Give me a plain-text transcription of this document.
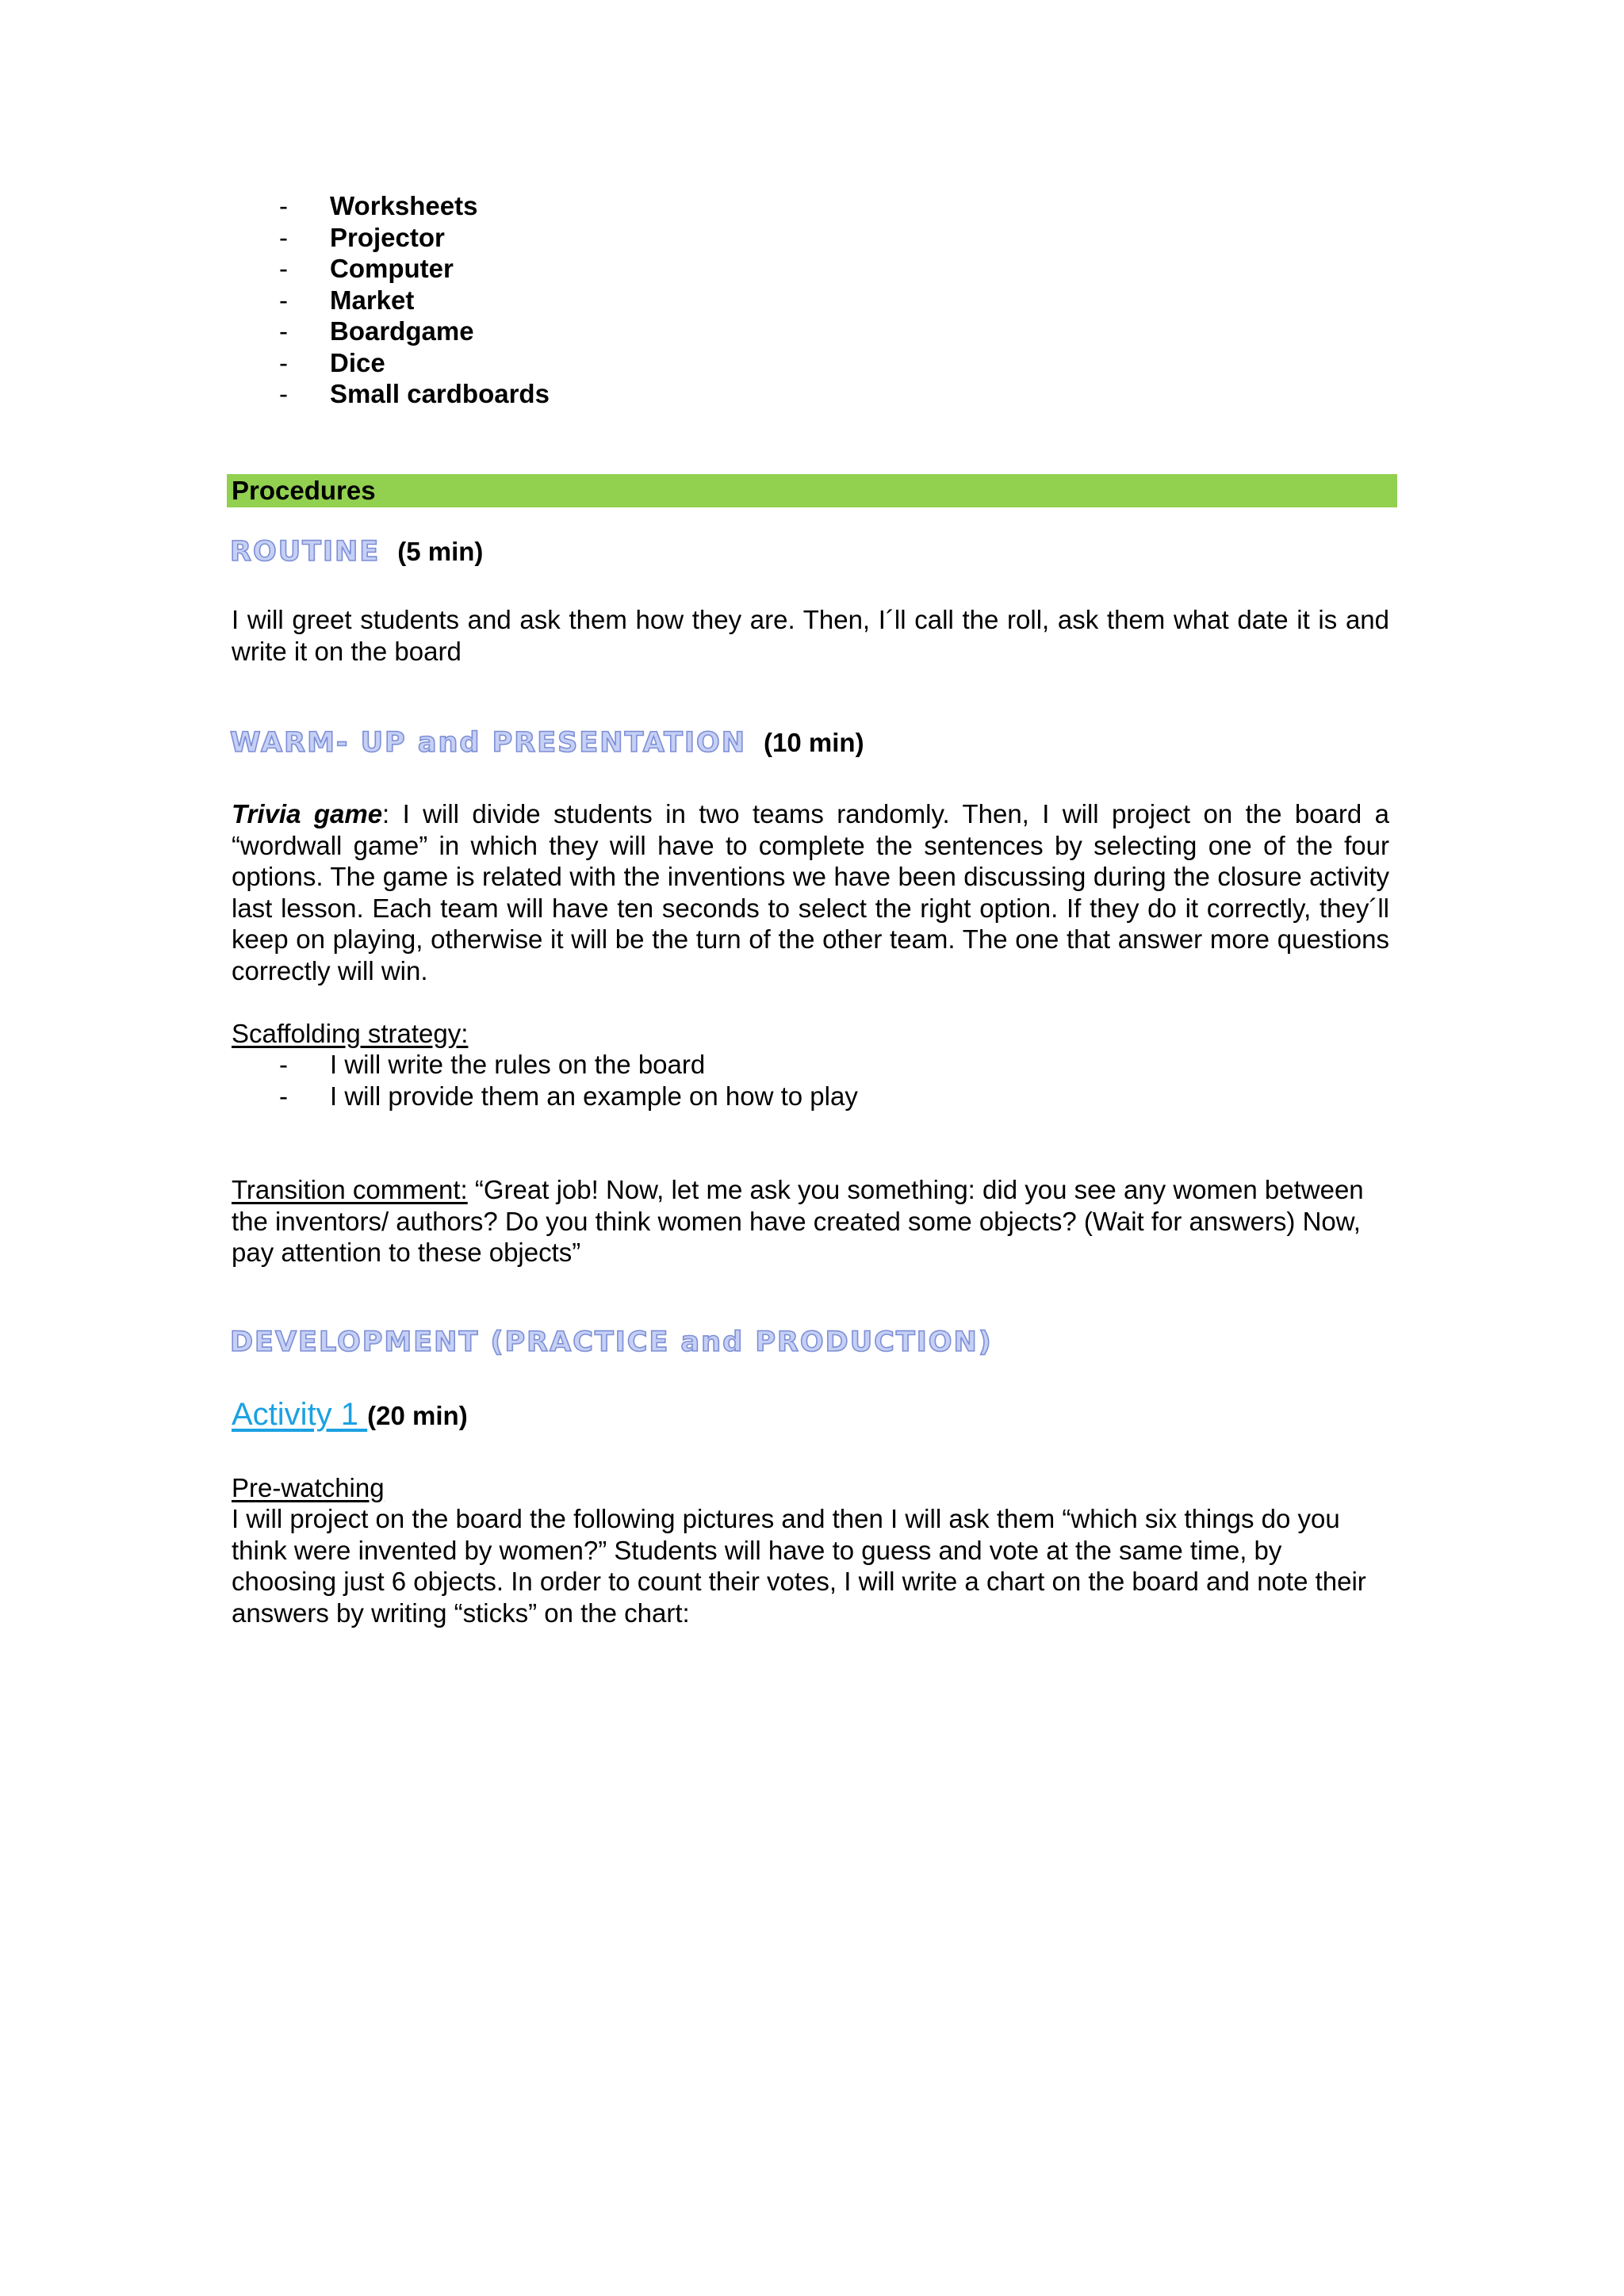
- Worksheets
- Projector
- Computer
- Market
- Boardgame
- Dice
- Small cardboards
Procedures
ROUTINE (5 min)

I will greet students and ask them how they are. Then, I´ll call the roll, ask them what date it is and write it on the board

WARM- UP and PRESENTATION (10 min)

Trivia game: I will divide students in two teams randomly. Then, I will project on the board a “wordwall game” in which they will have to complete the sentences by selecting one of the four options. The game is related with the inventions we have been discussing during the closure activity last lesson. Each team will have ten seconds to select the right option. If they do it correctly, they´ll keep on playing, otherwise it will be the turn of the other team. The one that answer more questions correctly will win.

Scaffolding strategy:

- I will write the rules on the board
- I will provide them an example on how to play

Transition comment: “Great job! Now, let me ask you something: did you see any women between the inventors/ authors? Do you think women have created some objects? (Wait for answers) Now, pay attention to these objects”

DEVELOPMENT (PRACTICE and PRODUCTION)
Activity 1 (20 min)

Pre-watching

I will project on the board the following pictures and then I will ask them “which six things do you think were invented by women?” Students will have to guess and vote at the same time, by choosing just 6 objects. In order to count their votes, I will write a chart on the board and note their answers by writing “sticks” on the chart:
